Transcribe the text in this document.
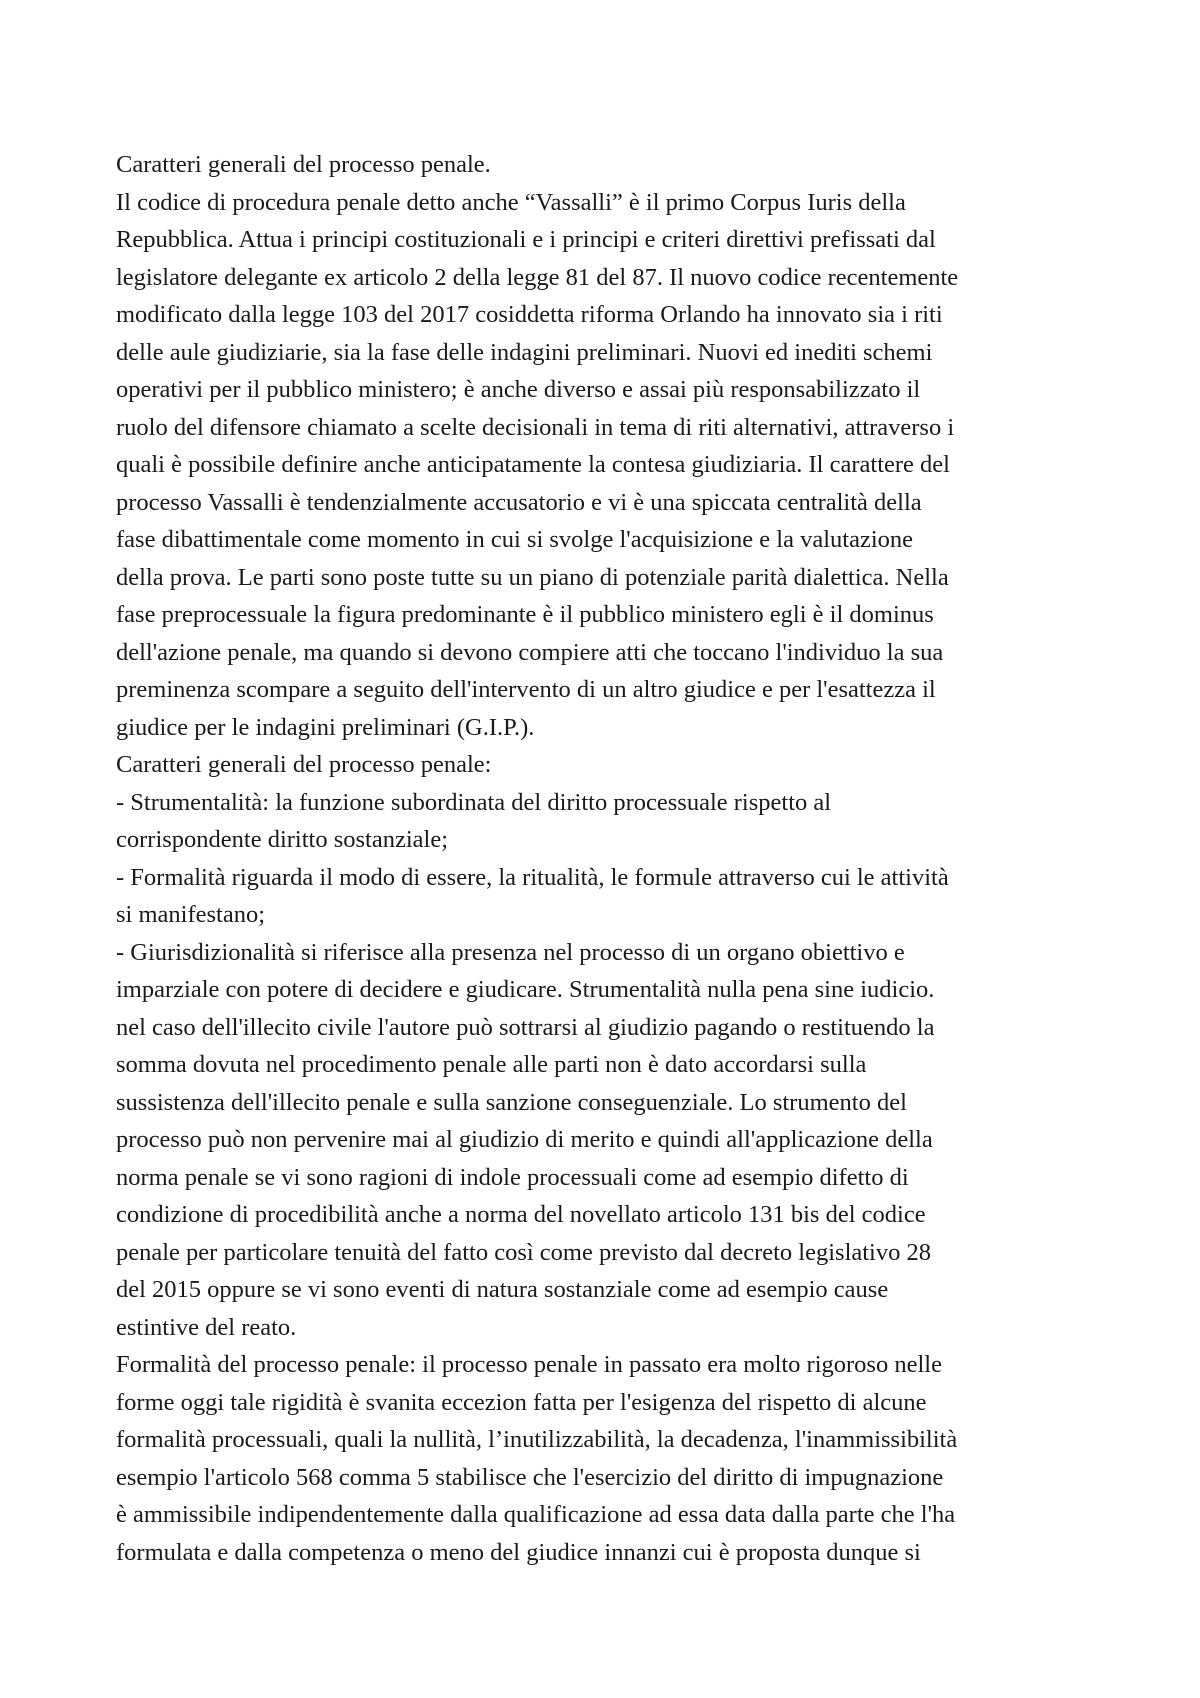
Caratteri generali del processo penale.
Il codice di procedura penale detto anche “Vassalli” è il primo Corpus Iuris della
Repubblica. Attua i principi costituzionali e i principi e criteri direttivi prefissati dal
legislatore delegante ex articolo 2 della legge 81 del 87. Il nuovo codice recentemente
modificato dalla legge 103 del 2017 cosiddetta riforma Orlando ha innovato sia i riti
delle aule giudiziarie, sia la fase delle indagini preliminari. Nuovi ed inediti schemi
operativi per il pubblico ministero; è anche diverso e assai più responsabilizzato il
ruolo del difensore chiamato a scelte decisionali in tema di riti alternativi, attraverso i
quali è possibile definire anche anticipatamente la contesa giudiziaria. Il carattere del
processo Vassalli è tendenzialmente accusatorio e vi è una spiccata centralità della
fase dibattimentale come momento in cui si svolge l'acquisizione e la valutazione
della prova. Le parti sono poste tutte su un piano di potenziale parità dialettica. Nella
fase preprocessuale la figura predominante è il pubblico ministero egli è il dominus
dell'azione penale, ma quando si devono compiere atti che toccano l'individuo la sua
preminenza scompare a seguito dell'intervento di un altro giudice e per l'esattezza il
giudice per le indagini preliminari (G.I.P.).
Caratteri generali del processo penale:
- Strumentalità: la funzione subordinata del diritto processuale rispetto al
corrispondente diritto sostanziale;
- Formalità riguarda il modo di essere, la ritualità, le formule attraverso cui le attività
si manifestano;
- Giurisdizionalità si riferisce alla presenza nel processo di un organo obiettivo e
imparziale con potere di decidere e giudicare. Strumentalità nulla pena sine iudicio.
nel caso dell'illecito civile l'autore può sottrarsi al giudizio pagando o restituendo la
somma dovuta nel procedimento penale alle parti non è dato accordarsi sulla
sussistenza dell'illecito penale e sulla sanzione conseguenziale. Lo strumento del
processo può non pervenire mai al giudizio di merito e quindi all'applicazione della
norma penale se vi sono ragioni di indole processuali come ad esempio difetto di
condizione di procedibilità anche a norma del novellato articolo 131 bis del codice
penale per particolare tenuità del fatto così come previsto dal decreto legislativo 28
del 2015 oppure se vi sono eventi di natura sostanziale come ad esempio cause
estintive del reato.
Formalità del processo penale: il processo penale in passato era molto rigoroso nelle
forme oggi tale rigidità è svanita eccezion fatta per l'esigenza del rispetto di alcune
formalità processuali, quali la nullità, l’inutilizzabilità, la decadenza, l'inammissibilità
esempio l'articolo 568 comma 5 stabilisce che l'esercizio del diritto di impugnazione
è ammissibile indipendentemente dalla qualificazione ad essa data dalla parte che l'ha
formulata e dalla competenza o meno del giudice innanzi cui è proposta dunque si
